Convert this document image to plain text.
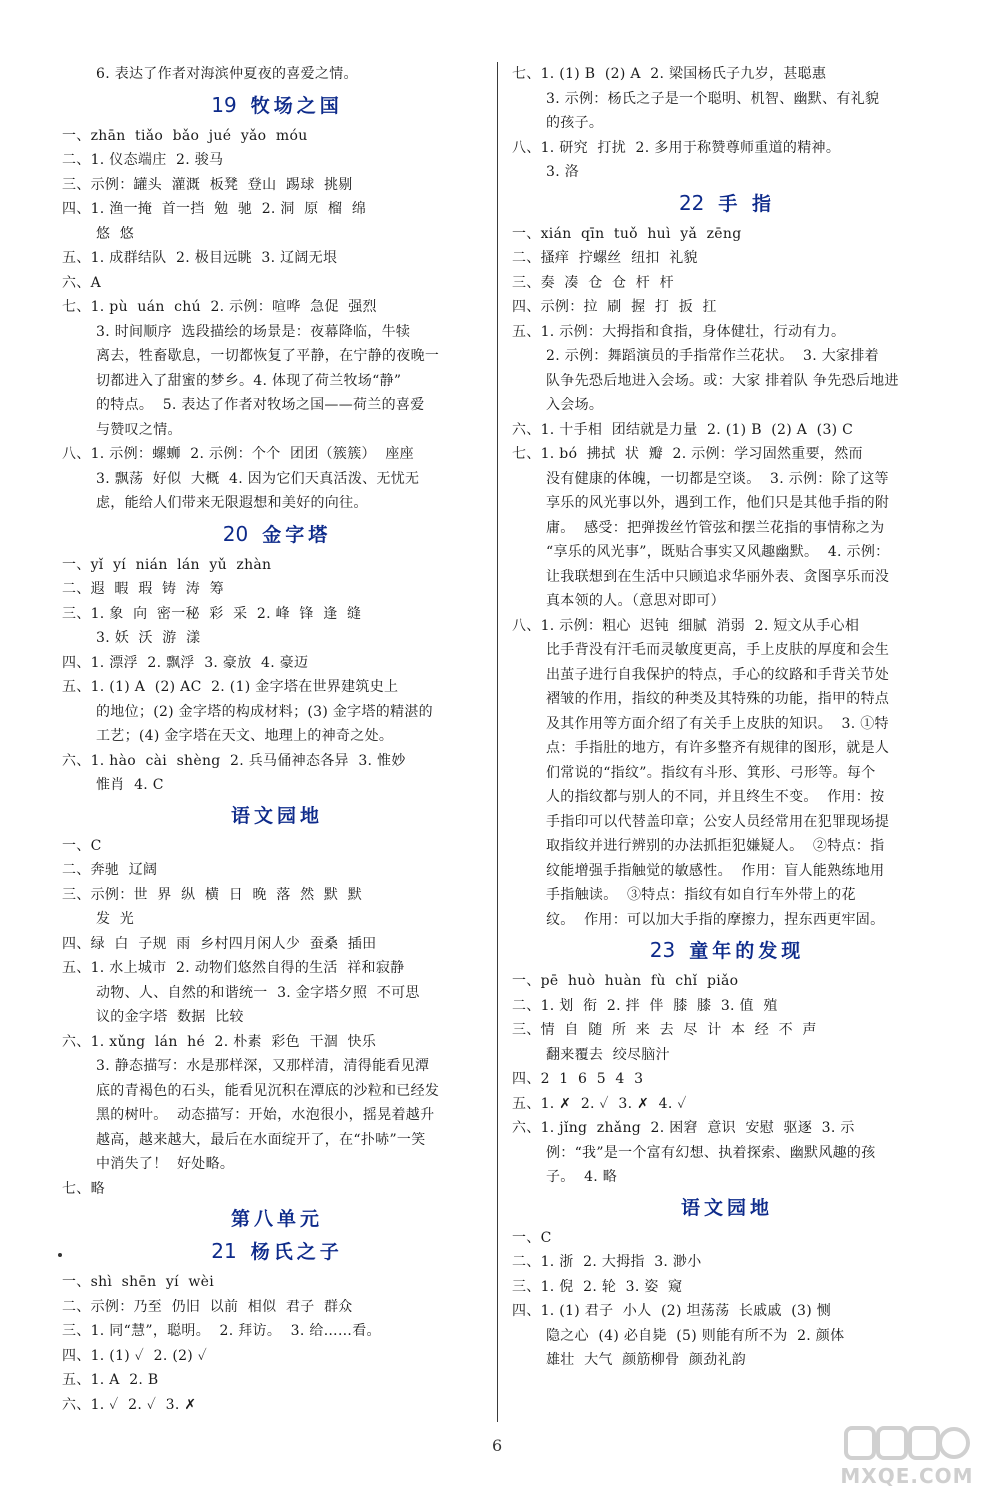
6. 表达了作者对海滨仲夏夜的喜爱之情。

19 牧场之国

一、zhān  tiǎo  bǎo  jué  yǎo  móu

二、1. 仪态端庄  2. 骏马

三、示例：罐头  灌溉  板凳  登山  踢球  挑剔

四、1. 渔一掩  首一挡  勉  驰  2. 洞  原  榴  绵

悠  悠

五、1. 成群结队  2. 极目远眺  3. 辽阔无垠

六、A

七、1. pù  uán  chú  2. 示例：喧哗  急促  强烈

3. 时间顺序  选段描绘的场景是：夜幕降临，牛犊

离去，牲畜歇息，一切都恢复了平静，在宁静的夜晚一

切都进入了甜蜜的梦乡。4. 体现了荷兰牧场“静”

的特点。  5. 表达了作者对牧场之国——荷兰的喜爱

与赞叹之情。

八、1. 示例：螺蛳  2. 示例：个个  团团（簇簇）  座座

3. 飘荡  好似  大概  4. 因为它们天真活泼、无忧无

虑，能给人们带来无限遐想和美好的向往。

20 金字塔

一、yǐ  yí  nián  lán  yǔ  zhàn

二、遐  暇  瑕  铸  涛  筹

三、1. 象  向  密一秘  彩  采  2. 峰  锋  逢  缝

3. 妖  沃  游  漾

四、1. 漂浮  2. 飘浮  3. 豪放  4. 豪迈

五、1. (1) A  (2) AC  2. (1) 金字塔在世界建筑史上

的地位；(2) 金字塔的构成材料；(3) 金字塔的精湛的

工艺；(4) 金字塔在天文、地理上的神奇之处。

六、1. hào  cài  shèng  2. 兵马俑神态各异  3. 惟妙

惟肖  4. C

语文园地

一、C

二、奔驰  辽阔

三、示例：世  界  纵  横  日  晚  落  然  默  默

发  光

四、绿  白  子规  雨  乡村四月闲人少  蚕桑  插田

五、1. 水上城市  2. 动物们悠然自得的生活  祥和寂静

动物、人、自然的和谐统一  3. 金字塔夕照  不可思

议的金字塔  数据  比较

六、1. xǔng  lán  hé  2. 朴素  彩色  干涸  快乐

3. 静态描写：水是那样深，又那样清，清得能看见潭

底的青褐色的石头，能看见沉积在潭底的沙粒和已经发

黑的树叶。  动态描写：开始，水泡很小，摇晃着越升

越高，越来越大，最后在水面绽开了，在“扑哧”一笑

中消失了！  好处略。

七、略

第八单元
21 杨氏之子

一、shì  shēn  yí  wèi

二、示例：乃至  仍旧  以前  相似  君子  群众

三、1. 同“慧”，聪明。  2. 拜访。  3. 给……看。

四、1. (1) ✓  2. (2) ✓

五、1. A  2. B

六、1. ✓  2. ✓  3. ✗

七、1. (1) B  (2) A  2. 梁国杨氏子九岁，甚聪惠

3. 示例：杨氏之子是一个聪明、机智、幽默、有礼貌

的孩子。

八、1. 研究  打扰  2. 多用于称赞尊师重道的精神。

3. 洛

22 手 指

一、xián  qīn  tuǒ  huì  yǎ  zēng

二、搔痒  拧螺丝  纽扣  礼貌

三、奏  凑  仓  仓  杆  杆

四、示例：拉  刷  握  打  扳  扛

五、1. 示例：大拇指和食指，身体健壮，行动有力。

2. 示例：舞蹈演员的手指常作兰花状。  3. 大家排着

队争先恐后地进入会场。或：大家 排着队 争先恐后地进

入会场。

六、1. 十手相  团结就是力量  2. (1) B  (2) A  (3) C

七、1. bó  拂拭  状  瓣  2. 示例：学习固然重要，然而

没有健康的体魄，一切都是空谈。  3. 示例：除了这等

享乐的风光事以外，遇到工作，他们只是其他手指的附

庸。  感受：把弹拨丝竹管弦和摆兰花指的事情称之为

“享乐的风光事”，既贴合事实又风趣幽默。  4. 示例：

让我联想到在生活中只顾追求华丽外表、贪图享乐而没

真本领的人。（意思对即可）

八、1. 示例：粗心  迟钝  细腻  消弱  2. 短文从手心相

比手背没有汗毛而灵敏度更高，手上皮肤的厚度和会生

出茧子进行自我保护的特点，手心的纹路和手背关节处

褶皱的作用，指纹的种类及其特殊的功能，指甲的特点

及其作用等方面介绍了有关手上皮肤的知识。  3. ①特

点：手指肚的地方，有许多整齐有规律的图形，就是人

们常说的“指纹”。指纹有斗形、箕形、弓形等。每个

人的指纹都与别人的不同，并且终生不变。  作用：按

手指印可以代替盖印章；公安人员经常用在犯罪现场提

取指纹并进行辨别的办法抓拒犯嫌疑人。  ②特点：指

纹能增强手指触觉的敏感性。  作用：盲人能熟练地用

手指触读。  ③特点：指纹有如自行车外带上的花

纹。  作用：可以加大手指的摩擦力，捏东西更牢固。

23 童年的发现

一、pē  huò  huàn  fù  chǐ  piǎo

二、1. 划  衔  2. 拌  伴  膝  膝  3. 值  殖

三、情  自  随  所  来  去  尽  计  本  经  不  声

翻来覆去  绞尽脑汁

四、2  1  6  5  4  3

五、1. ✗  2. ✓  3. ✗  4. ✓

六、1. jǐng  zhǎng  2. 困窘  意识  安慰  驱逐  3. 示

例：“我”是一个富有幻想、执着探索、幽默风趣的孩

子。  4. 略

语文园地

一、C

二、1. 浙  2. 大拇指  3. 渺小

三、1. 倪  2. 轮  3. 姿  窥

四、1. (1) 君子  小人  (2) 坦荡荡  长戚戚  (3) 恻

隐之心  (4) 必自毙  (5) 则能有所不为  2. 颜体

雄壮  大气  颜筋柳骨  颜劲礼韵

6
MXQE.COM
